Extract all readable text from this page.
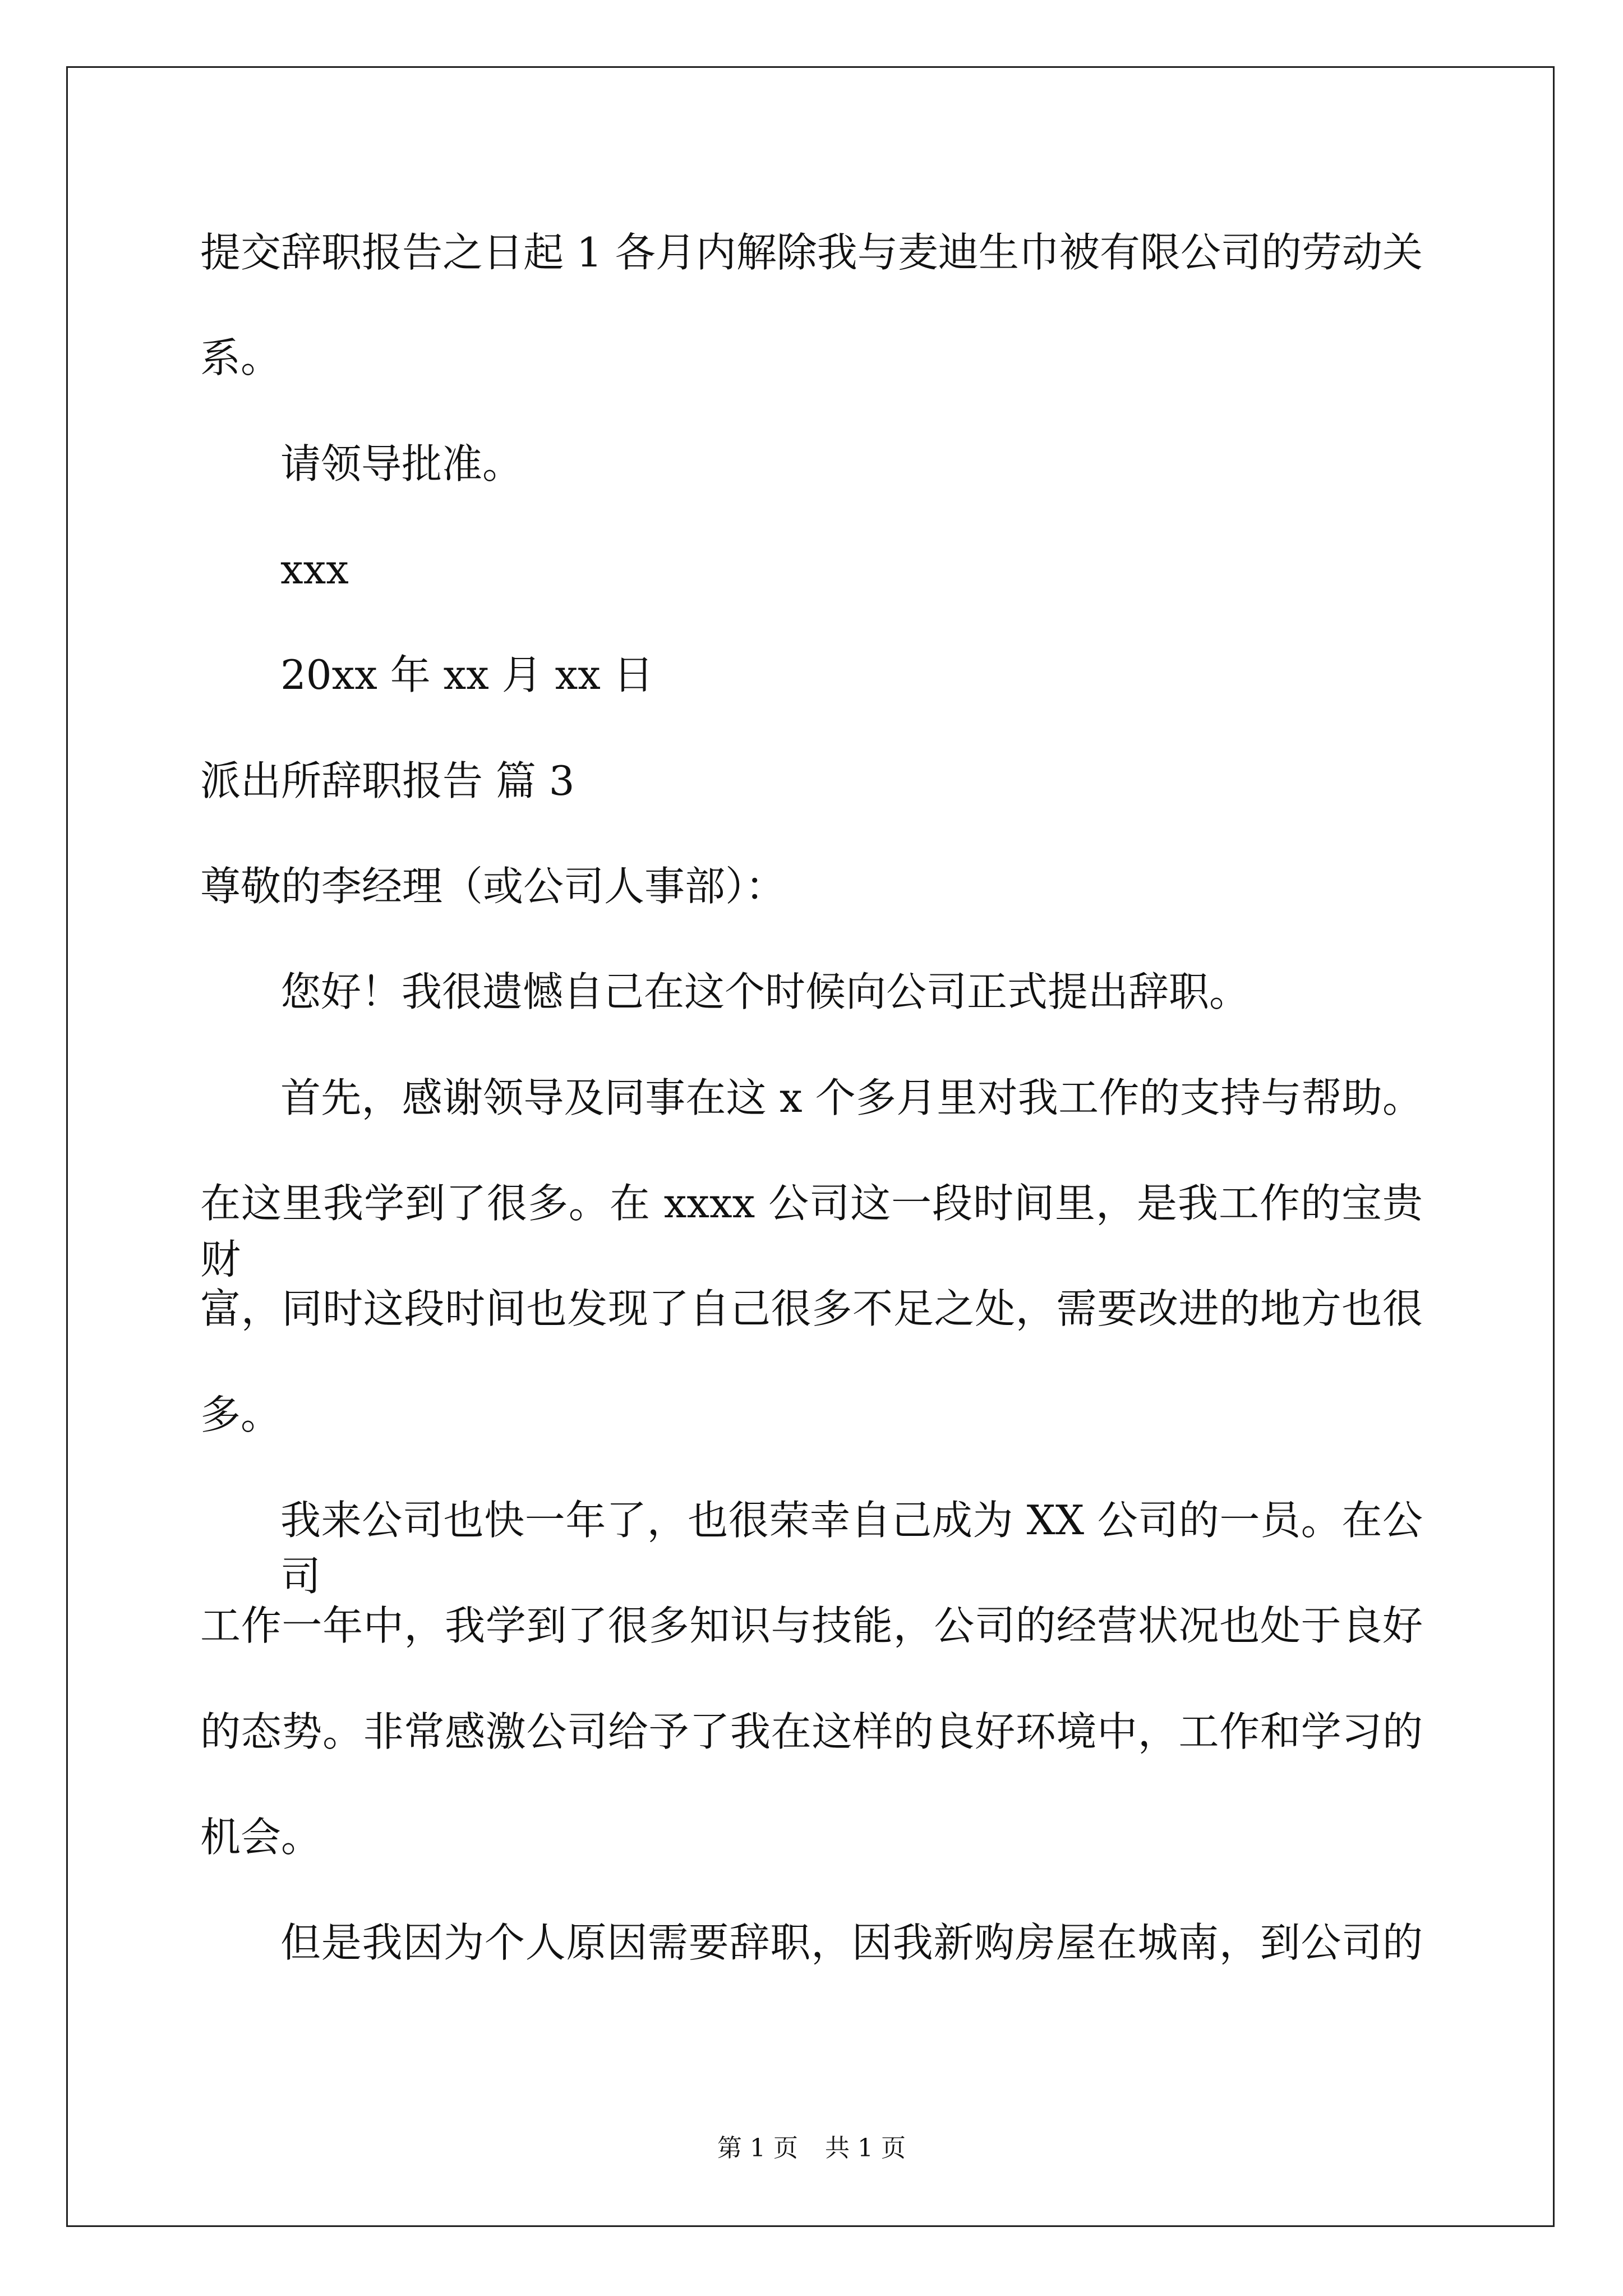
提交辞职报告之日起 1 各月内解除我与麦迪生巾被有限公司的劳动关

系。

请领导批准。

xxx

20xx 年 xx 月 xx 日

派出所辞职报告 篇 3

尊敬的李经理（或公司人事部）：

您好！我很遗憾自己在这个时候向公司正式提出辞职。

首先，感谢领导及同事在这 x 个多月里对我工作的支持与帮助。

在这里我学到了很多。在 xxxx 公司这一段时间里，是我工作的宝贵财

富，同时这段时间也发现了自己很多不足之处，需要改进的地方也很

多。

我来公司也快一年了，也很荣幸自己成为 XX 公司的一员。在公司

工作一年中，我学到了很多知识与技能，公司的经营状况也处于良好

的态势。非常感激公司给予了我在这样的良好环境中，工作和学习的

机会。

但是我因为个人原因需要辞职，因我新购房屋在城南，到公司的

第 1 页 共 1 页
